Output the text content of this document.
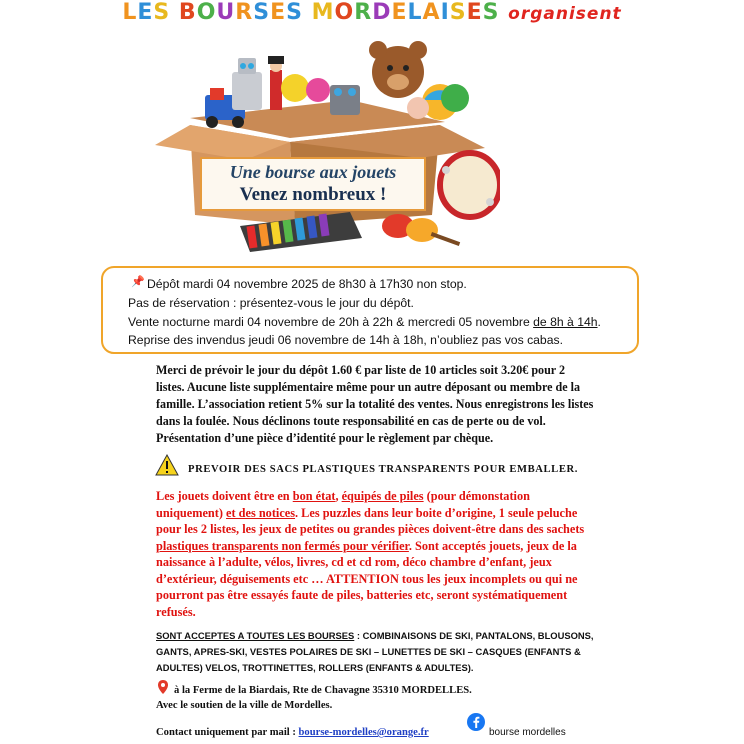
LES BOURSES MORDELAISES organisent
Une bourse aux jouets
Venez nombreux !
📌 Dépôt mardi 04 novembre 2025 de 8h30 à 17h30 non stop.
Pas de réservation : présentez-vous le jour du dépôt.
Vente nocturne mardi 04 novembre de 20h à 22h & mercredi 05 novembre de 8h à 14h.
Reprise des invendus jeudi 06 novembre de 14h à 18h, n’oubliez pas vos cabas.
Merci de prévoir le jour du dépôt 1.60 € par liste de 10 articles soit 3.20€ pour 2 listes. Aucune liste supplémentaire même pour un autre déposant ou membre de la famille. L’association retient 5% sur la totalité des ventes. Nous enregistrons les listes dans la foulée. Nous déclinons toute responsabilité en cas de perte ou de vol. Présentation d’une pièce d’identité pour le règlement par chèque.
PREVOIR DES SACS PLASTIQUES TRANSPARENTS POUR EMBALLER.
Les jouets doivent être en bon état, équipés de piles (pour démonstation uniquement) et des notices. Les puzzles dans leur boite d’origine, 1 seule peluche pour les 2 listes, les jeux de petites ou grandes pièces doivent-être dans des sachets plastiques transparents non fermés pour vérifier. Sont acceptés jouets, jeux de la naissance à l’adulte, vélos, livres, cd et cd rom, déco chambre d’enfant, jeux d’extérieur, déguisements etc … ATTENTION tous les jeux incomplets ou qui ne pourront pas être essayés faute de piles, batteries etc, seront systématiquement refusés.
SONT ACCEPTES A TOUTES LES BOURSES : COMBINAISONS DE SKI, PANTALONS, BLOUSONS, GANTS, APRES-SKI, VESTES POLAIRES DE SKI – LUNETTES DE SKI – CASQUES (ENFANTS & ADULTES) VELOS, TROTTINETTES, ROLLERS (ENFANTS & ADULTES).
à la Ferme de la Biardais, Rte de Chavagne 35310 MORDELLES.
Avec le soutien de la ville de Mordelles.
Contact uniquement par mail : bourse-mordelles@orange.fr	bourse mordelles
